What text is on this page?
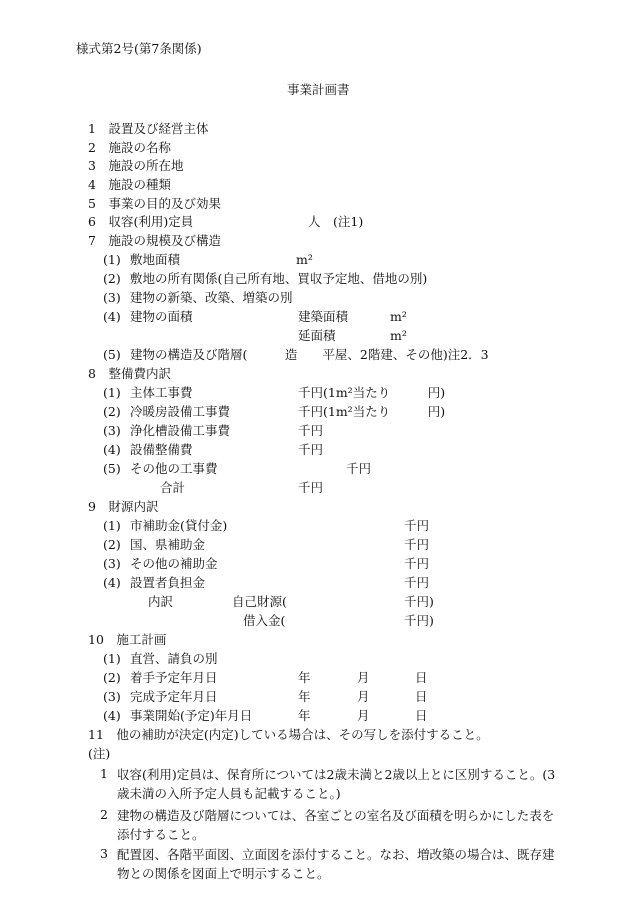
様式第2号(第7条関係)
事業計画書
1　設置及び経営主体
2　施設の名称
3　施設の所在地
4　施設の種類
5　事業の目的及び効果
6　収容(利用)定員	人　(注1)
7　施設の規模及び構造
(1) 敷地面積	m²
(2) 敷地の所有関係(自己所有地、買収予定地、借地の別)
(3) 建物の新築、改築、増築の別
(4) 建物の面積	建築面積	m²
延面積	m²
(5) 建物の構造及び階層(　　　造　　平屋、2階建、その他)注2．3
8　整備費内訳
(1) 主体工事費	千円(1m²当たり　　　円)
(2) 冷暖房設備工事費	千円(1m²当たり　　　円)
(3) 浄化槽設備工事費	千円
(4) 設備整備費	千円
(5) その他の工事費	千円
合計	千円
9　財源内訳
(1) 市補助金(貸付金)	千円
(2) 国、県補助金	千円
(3) その他の補助金	千円
(4) 設置者負担金	千円
内訳	自己財源(	千円)
借入金(	千円)
10　施工計画
(1) 直営、請負の別
(2) 着手予定年月日	年	月	日
(3) 完成予定年月日	年	月	日
(4) 事業開始(予定)年月日	年	月	日
11　他の補助が決定(内定)している場合は、その写しを添付すること。
(注)
1 収容(利用)定員は、保育所については2歳未満と2歳以上とに区別すること。(3歳未満の入所予定人員も記載すること。)
2 建物の構造及び階層については、各室ごとの室名及び面積を明らかにした表を添付すること。
3 配置図、各階平面図、立面図を添付すること。なお、増改築の場合は、既存建物との関係を図面上で明示すること。
